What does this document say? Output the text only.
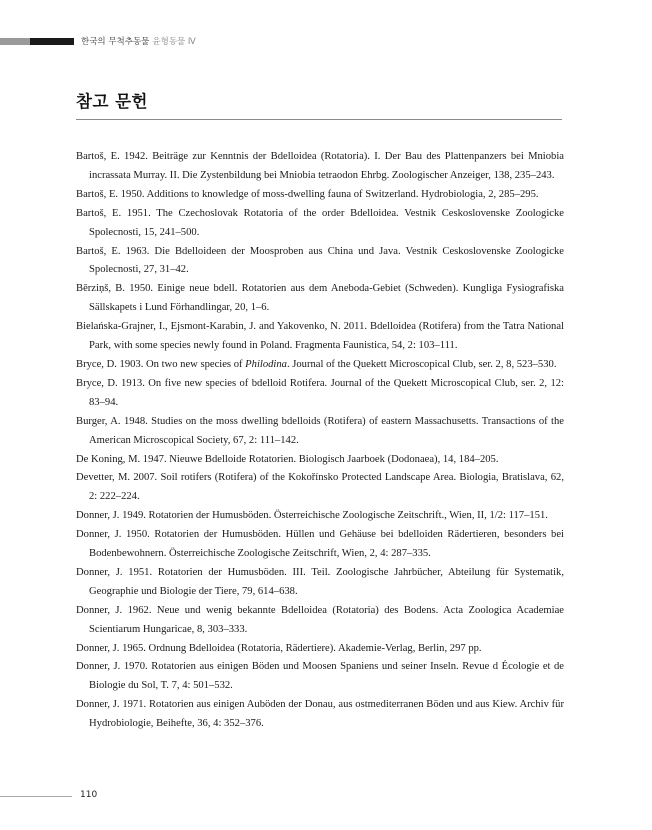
한국의 무척추동물 윤형동물 Ⅳ
참고 문헌
Bartoš, E. 1942. Beiträge zur Kenntnis der Bdelloidea (Rotatoria). I. Der Bau des Plattenpanzers bei Mniobia incrassata Murray. II. Die Zystenbildung bei Mniobia tetraodon Ehrbg. Zoologischer Anzeiger, 138, 235–243.
Bartoš, E. 1950. Additions to knowledge of moss-dwelling fauna of Switzerland. Hydrobiologia, 2, 285–295.
Bartoš, E. 1951. The Czechoslovak Rotatoria of the order Bdelloidea. Vestnik Ceskoslovenske Zoologicke Spolecnosti, 15, 241–500.
Bartoš, E. 1963. Die Bdelloideen der Moosproben aus China und Java. Vestnik Ceskoslovenske Zoologicke Spolecnosti, 27, 31–42.
Bērziņš, B. 1950. Einige neue bdell. Rotatorien aus dem Aneboda-Gebiet (Schweden). Kungliga Fysiografiska Sällskapets i Lund Förhandlingar, 20, 1–6.
Bielańska-Grajner, I., Ejsmont-Karabin, J. and Yakovenko, N. 2011. Bdelloidea (Rotifera) from the Tatra National Park, with some species newly found in Poland. Fragmenta Faunistica, 54, 2: 103–111.
Bryce, D. 1903. On two new species of Philodina. Journal of the Quekett Microscopical Club, ser. 2, 8, 523–530.
Bryce, D. 1913. On five new species of bdelloid Rotifera. Journal of the Quekett Microscopical Club, ser. 2, 12: 83–94.
Burger, A. 1948. Studies on the moss dwelling bdelloids (Rotifera) of eastern Massachusetts. Transactions of the American Microscopical Society, 67, 2: 111–142.
De Koning, M. 1947. Nieuwe Bdelloide Rotatorien. Biologisch Jaarboek (Dodonaea), 14, 184–205.
Devetter, M. 2007. Soil rotifers (Rotifera) of the Kokořínsko Protected Landscape Area. Biologia, Bratislava, 62, 2: 222–224.
Donner, J. 1949. Rotatorien der Humusböden. Österreichische Zoologische Zeitschrift., Wien, II, 1/2: 117–151.
Donner, J. 1950. Rotatorien der Humusböden. Hüllen und Gehäuse bei bdelloiden Rädertieren, besonders bei Bodenbewohnern. Österreichische Zoologische Zeitschrift, Wien, 2, 4: 287–335.
Donner, J. 1951. Rotatorien der Humusböden. III. Teil. Zoologische Jahrbücher, Abteilung für Systematik, Geographie und Biologie der Tiere, 79, 614–638.
Donner, J. 1962. Neue und wenig bekannte Bdelloidea (Rotatoria) des Bodens. Acta Zoologica Academiae Scientiarum Hungaricae, 8, 303–333.
Donner, J. 1965. Ordnung Bdelloidea (Rotatoria, Rädertiere). Akademie-Verlag, Berlin, 297 pp.
Donner, J. 1970. Rotatorien aus einigen Böden und Moosen Spaniens und seiner Inseln. Revue d Écologie et de Biologie du Sol, T. 7, 4: 501–532.
Donner, J. 1971. Rotatorien aus einigen Auböden der Donau, aus ostmediterranen Böden und aus Kiew. Archiv für Hydrobiologie, Beihefte, 36, 4: 352–376.
110
